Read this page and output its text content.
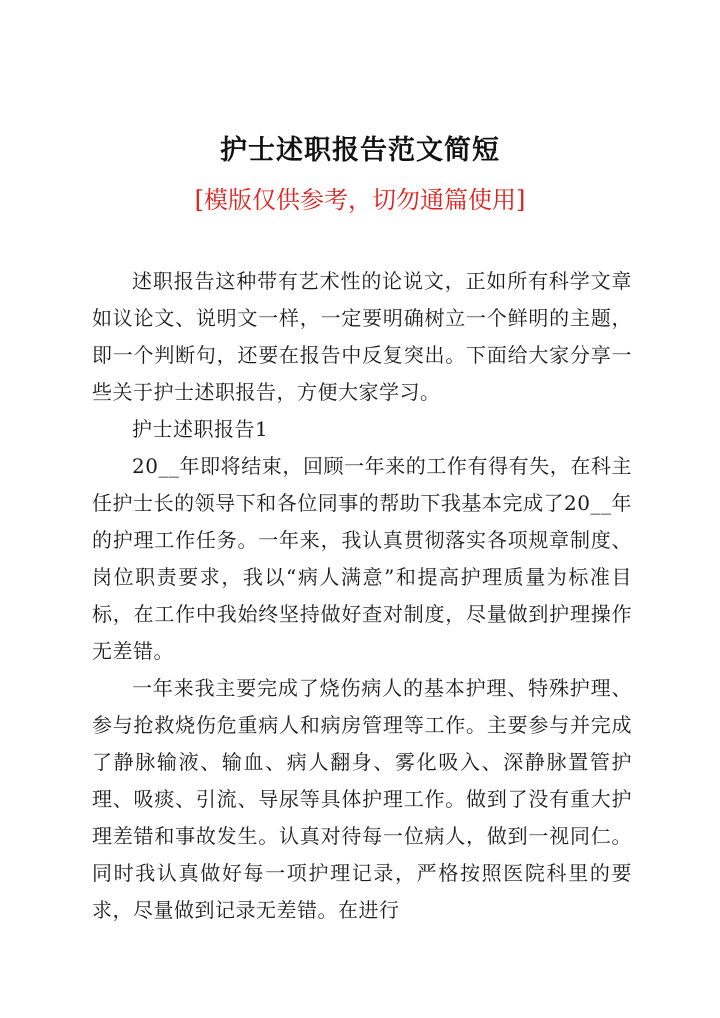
护士述职报告范文简短
[模版仅供参考，切勿通篇使用]

述职报告这种带有艺术性的论说文，正如所有科学文章如议论文、说明文一样，一定要明确树立一个鲜明的主题，即一个判断句，还要在报告中反复突出。下面给大家分享一些关于护士述职报告，方便大家学习。

护士述职报告1

20__年即将结束，回顾一年来的工作有得有失，在科主任护士长的领导下和各位同事的帮助下我基本完成了20__年的护理工作任务。一年来，我认真贯彻落实各项规章制度、岗位职责要求，我以“病人满意”和提高护理质量为标准目标，在工作中我始终坚持做好查对制度，尽量做到护理操作无差错。

一年来我主要完成了烧伤病人的基本护理、特殊护理、参与抢救烧伤危重病人和病房管理等工作。主要参与并完成了静脉输液、输血、病人翻身、雾化吸入、深静脉置管护理、吸痰、引流、导尿等具体护理工作。做到了没有重大护理差错和事故发生。认真对待每一位病人，做到一视同仁。同时我认真做好每一项护理记录，严格按照医院科里的要求，尽量做到记录无差错。在进行
